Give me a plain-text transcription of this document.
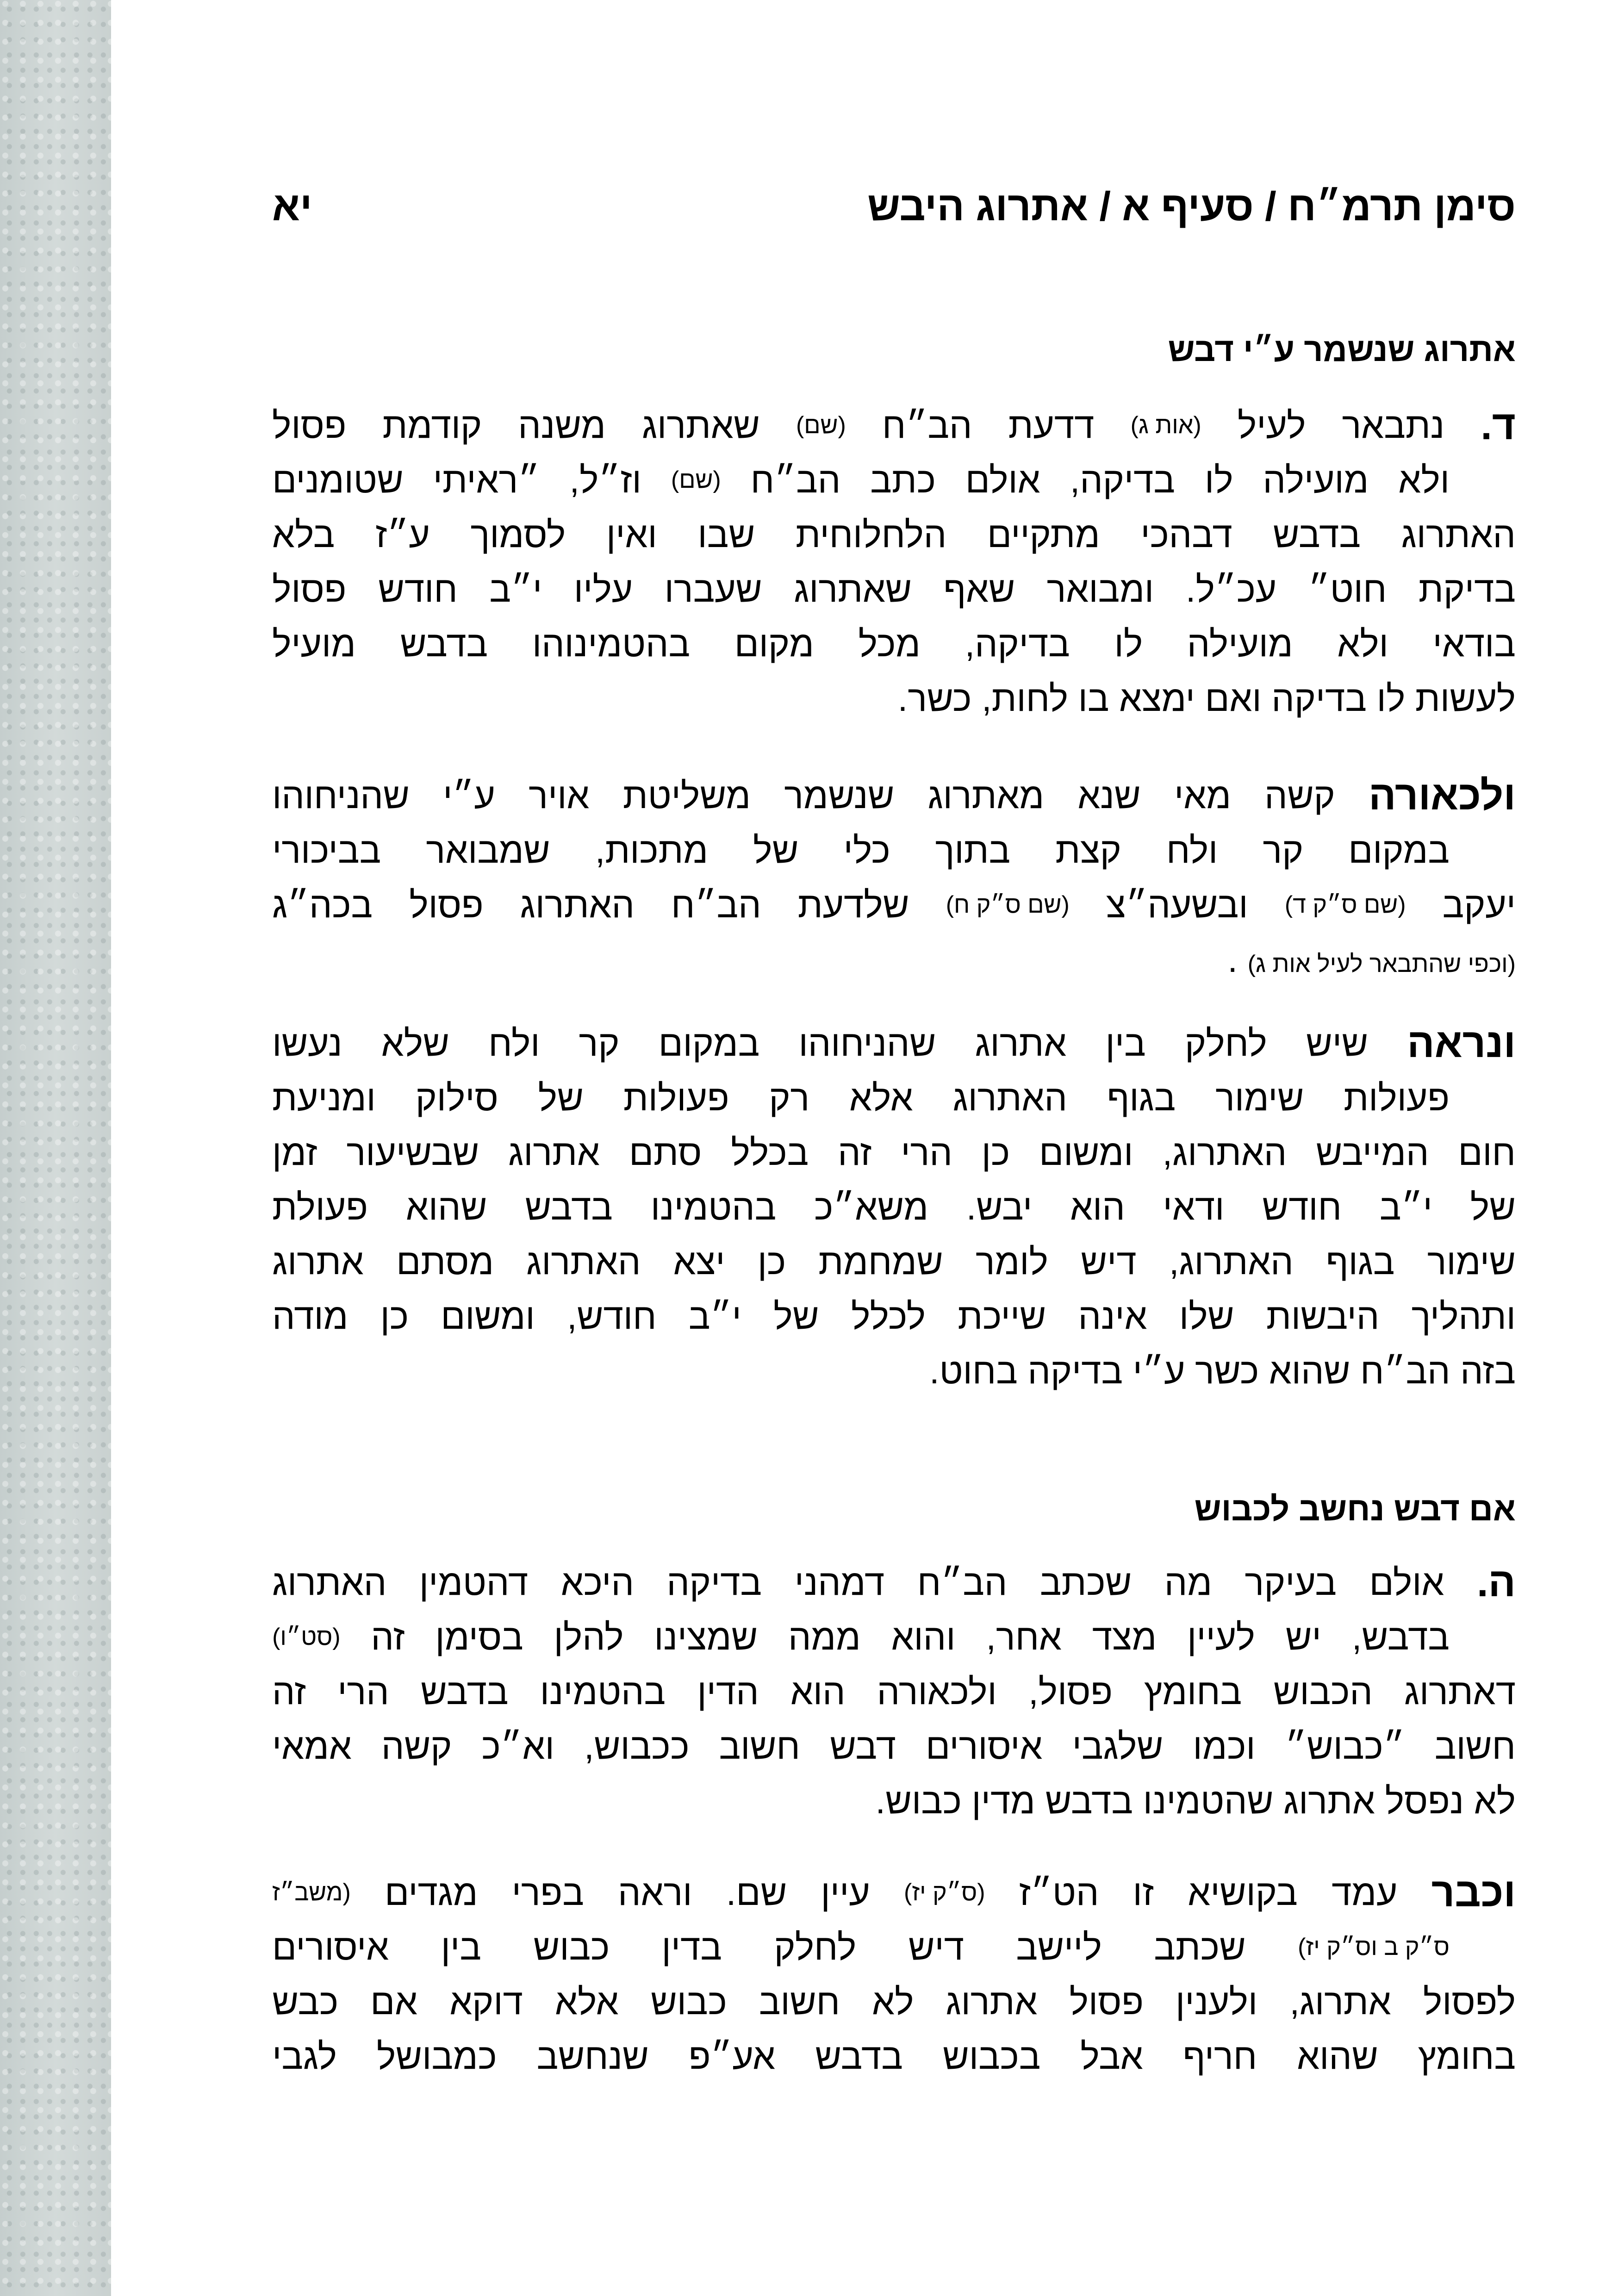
סימן תרמ״ח / סעיף א / אתרוג היבש
יא
אתרוג שנשמר ע״י דבש
ד.
נתבאר
לעיל
(אות ג)
דדעת
הב״ח
(שם)
שאתרוג
משנה
קודמת
פסול
ולא
מועילה
לו
בדיקה,
אולם
כתב
הב״ח
(שם)
וז״ל,
״ראיתי
שטומנים
האתרוג
בדבש
דבהכי
מתקיים
הלחלוחית
שבו
ואין
לסמוך
ע״ז
בלא
בדיקת
חוט״
עכ״ל.
ומבואר
שאף
שאתרוג
שעברו
עליו
י״ב
חודש
פסול
בודאי
ולא
מועילה
לו
בדיקה,
מכל
מקום
בהטמינוהו
בדבש
מועיל
לעשות לו בדיקה ואם ימצא בו לחות, כשר.
ולכאורה
קשה
מאי
שנא
מאתרוג
שנשמר
משליטת
אויר
ע״י
שהניחוהו
במקום
קר
ולח
קצת
בתוך
כלי
של
מתכות,
שמבואר
בביכורי
יעקב
(שם ס״ק ד)
ובשעה״צ
(שם ס״ק ח)
שלדעת
הב״ח
האתרוג
פסול
בכה״ג
(וכפי שהתבאר לעיל אות ג) .
ונראה
שיש
לחלק
בין
אתרוג
שהניחוהו
במקום
קר
ולח
שלא
נעשו
פעולות
שימור
בגוף
האתרוג
אלא
רק
פעולות
של
סילוק
ומניעת
חום
המייבש
האתרוג,
ומשום
כן
הרי
זה
בכלל
סתם
אתרוג
שבשיעור
זמן
של
י״ב
חודש
ודאי
הוא
יבש.
משא״כ
בהטמינו
בדבש
שהוא
פעולת
שימור
בגוף
האתרוג,
דיש
לומר
שמחמת
כן
יצא
האתרוג
מסתם
אתרוג
ותהליך
היבשות
שלו
אינה
שייכת
לכלל
של
י״ב
חודש,
ומשום
כן
מודה
בזה הב״ח שהוא כשר ע״י בדיקה בחוט.
אם דבש נחשב לכבוש
ה.
אולם
בעיקר
מה
שכתב
הב״ח
דמהני
בדיקה
היכא
דהטמין
האתרוג
בדבש,
יש
לעיין
מצד
אחר,
והוא
ממה
שמצינו
להלן
בסימן
זה
(סט״ו)
דאתרוג
הכבוש
בחומץ
פסול,
ולכאורה
הוא
הדין
בהטמינו
בדבש
הרי
זה
חשוב
״כבוש״
וכמו
שלגבי
איסורים
דבש
חשוב
ככבוש,
וא״כ
קשה
אמאי
לא נפסל אתרוג שהטמינו בדבש מדין כבוש.
וכבר
עמד
בקושיא
זו
הט״ז
(ס״ק יז)
עיין
שם.
וראה
בפרי
מגדים
(משב״ז
ס״ק ב וס״ק יז)
שכתב
ליישב
דיש
לחלק
בדין
כבוש
בין
איסורים
לפסול
אתרוג,
ולענין
פסול
אתרוג
לא
חשוב
כבוש
אלא
דוקא
אם
כבש
בחומץ
שהוא
חריף
אבל
בכבוש
בדבש
אע״פ
שנחשב
כמבושל
לגבי
